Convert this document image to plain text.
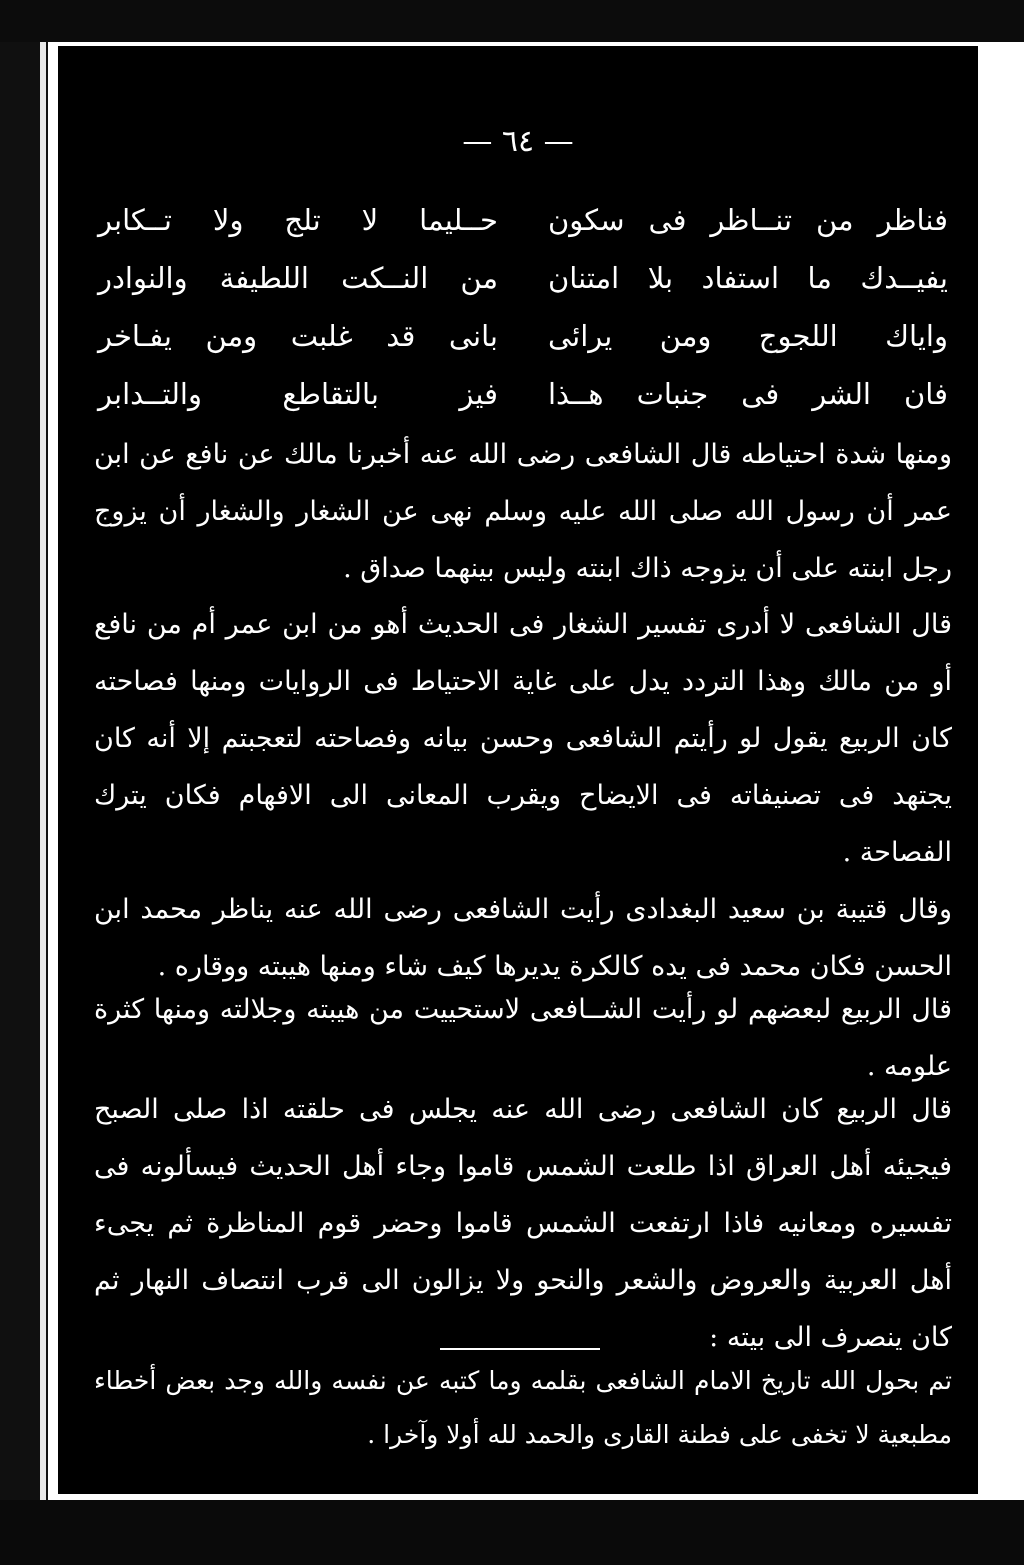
— ٦٤ —
فناظر من تنــاظر فى سكون
حــليما لا تلج ولا تــكابر
يفيــدك ما استفاد بلا امتنان
من النــكت اللطيفة والنوادر
واياك اللجوج ومن يرائى
بانى قد غلبت ومن يفـاخر
فان الشر فى جنبات هــذا
فيز بالتقاطع والتــدابر

ومنها شدة احتياطه قال الشافعى رضى الله عنه أخبرنا مالك عن نافع عن ابن عمر أن رسول الله صلى الله عليه وسلم نهى عن الشغار والشغار أن يزوج رجل ابنته على أن يزوجه ذاك ابنته وليس بينهما صداق .

قال الشافعى لا أدرى تفسير الشغار فى الحديث أهو من ابن عمر أم من نافع أو من مالك وهذا التردد يدل على غاية الاحتياط فى الروايات ومنها فصاحته كان الربيع يقول لو رأيتم الشافعى وحسن بيانه وفصاحته لتعجبتم إلا أنه كان يجتهد فى تصنيفاته فى الايضاح ويقرب المعانى الى الافهام فكان يترك الفصاحة .

وقال قتيبة بن سعيد البغدادى رأيت الشافعى رضى الله عنه يناظر محمد ابن الحسن فكان محمد فى يده كالكرة يديرها كيف شاء ومنها هيبته ووقاره .

قال الربيع لبعضهم لو رأيت الشــافعى لاستحييت من هيبته وجلالته ومنها كثرة علومه .

قال الربيع كان الشافعى رضى الله عنه يجلس فى حلقته اذا صلى الصبح فيجيئه أهل العراق اذا طلعت الشمس قاموا وجاء أهل الحديث فيسألونه فى تفسيره ومعانيه فاذا ارتفعت الشمس قاموا وحضر قوم المناظرة ثم يجىء أهل العربية والعروض والشعر والنحو ولا يزالون الى قرب انتصاف النهار ثم كان ينصرف الى بيته :

تم بحول الله تاريخ الامام الشافعى بقلمه وما كتبه عن نفسه والله وجد بعض أخطاء مطبعية لا تخفى على فطنة القارى والحمد لله أولا وآخرا .
